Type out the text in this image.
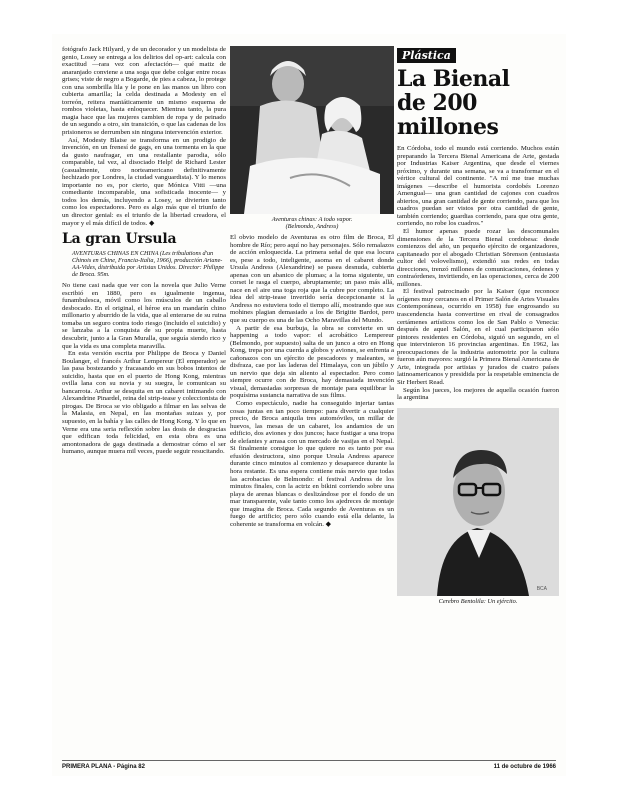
fotógrafo Jack Hilyard, y de un decorador y un modelista de genio, Losey se entrega a los delirios del op-art: calcula con exactitud —rara vez con afectación— qué matiz de anaranjado conviene a una soga que debe colgar entre rocas grises; viste de negro a Bogarde, de pies a cabeza, lo protege con una sombrilla lila y le pone en las manos un libro con cubierta amarilla; la celda destinada a Modesty en el torreón, reitera maniáticamente un mismo esquema de rombos violetas, hasta enloquecer. Mientras tanto, la pura magia hace que las mujeres cambien de ropa y de peinado de un segundo a otro, sin transición, o que las cadenas de los prisioneros se derrumben sin ninguna intervención exterior.

Así, Modesty Blaise se transforma en un prodigio de invención, en un frenesí de gags, en una tormenta en la que da gusto naufragar, en una restallante parodia, sólo comparable, tal vez, al disociado Help! de Richard Lester (casualmente, otro norteamericano definitivamente hechizado por Londres, la ciudad vanguardista). Y lo menos importante no es, por cierto, que Mónica Vitti —una comediante incomparable, una sofisticada inocente— y todos los demás, incluyendo a Losey, se divierten tanto como los espectadores. Pero es algo más que el triunfo de un director genial: es el triunfo de la libertad creadora, el mayor y el más difícil de todos. ◆

La gran Ursula

AVENTURAS CHINAS EN CHINA (Les tribulations d'un Chinois en Chine, Francia-Italia, 1966), producción Ariane-AA-Vides, distribuida por Artistas Unidos. Director: Philippe de Broca. 95m.

No tiene casi nada que ver con la novela que Julio Verne escribió en 1880, pero es igualmente ingenua, funambulesca, móvil como los músculos de un caballo desbocado. En el original, el héroe era un mandarín chino millonario y aburrido de la vida, que al enterarse de su ruina tomaba un seguro contra todo riesgo (incluido el suicidio) y se lanzaba a la conquista de su propia muerte, hasta descubrir, junto a la Gran Muralla, que seguía siendo rico y que la vida es una completa maravilla.

En esta versión escrita por Philippe de Broca y Daniel Boulanger, el francés Arthur Lempereur (El emperador) se las pasa bostezando y fracasando en sus bobos intentos de suicidio, hasta que en el puerto de Hong Kong, mientras ovilla lana con su novia y su suegra, le comunican su bancarrota. Arthur se desquita en un cabaret intimando con Alexandrine Pinardel, reina del strip-tease y coleccionista de pirogas. De Broca se vio obligado a filmar en las selvas de la Malasia, en Nepal, en las montañas suizas y, por supuesto, en la bahía y las calles de Hong Kong. Y lo que en Verne era una seria reflexión sobre las dosis de desgracias que edifican toda felicidad, en esta obra es una amontonadora de gags destinada a demostrar cómo el ser humano, aunque muera mil veces, puede seguir resucitando.

Aventuras chinas: A todo vapor.
(Belmondo, Andress)

El obvio modelo de Aventuras es otro film de Broca, El hombre de Río; pero aquí no hay personajes. Sólo remalazos de acción enloquecida. La primera señal de que esa locura es, pese a todo, inteligente, asoma en el cabaret donde Ursula Andress (Alexandrine) se pasea desnuda, cubierta apenas con un abanico de plumas; a la toma siguiente, un corset le rasga el cuerpo, abruptamente; un paso más allá, nace en el aire una toga roja que la cubre por completo. La idea del strip-tease invertido sería decepcionante si la Andress no estuviera todo el tiempo allí, mostrando que sus mohines plagian demasiado a los de Brigitte Bardot, pero que su cuerpo es una de las Ocho Maravillas del Mundo.

A partir de esa burbuja, la obra se convierte en un happening a todo vapor: el acrobático Lempereur (Belmondo, por supuesto) salta de un junco a otro en Hong Kong, trepa por una cuerda a globos y aviones, se enfrenta a cañonazos con un ejército de pescadores y maleantes, se disfraza, cae por las laderas del Himalaya, con un júbilo y un nervio que deja sin aliento al espectador. Pero como siempre ocurre con de Broca, hay demasiada invención visual, demasiadas sorpresas de montaje para equilibrar la poquísima sustancia narrativa de sus films.

Como espectáculo, nadie ha conseguido injertar tantas cosas juntas en tan poco tiempo: para divertir a cualquier precio, de Broca aniquila tres automóviles, un millar de huevos, las mesas de un cabaret, los andamios de un edificio, dos aviones y dos juncos; hace fustigar a una tropa de elefantes y arrasa con un mercado de vasijas en el Nepal. Si finalmente consigue lo que quiere no es tanto por esa efusión destructora, sino porque Ursula Andress aparece durante cinco minutos al comienzo y desaparece durante la hora restante. Es una espera contiene más nervio que todas las acrobacias de Belmondo: el festival Andress de los minutos finales, con la actriz en bikini corriendo sobre una playa de arenas blancas o deslizándose por el fondo de un mar transparente, vale tanto como los ajedreces de montaje que imagina de Broca. Cada segundo de Aventuras es un fuego de artificio; pero sólo cuando está ella delante, la coherente se transforma en volcán. ◆

Plástica
La Bienal
de 200 millones

En Córdoba, todo el mundo está corriendo. Muchos están preparando la Tercera Bienal Americana de Arte, gestada por Industrias Kaiser Argentina, que desde el viernes próximo, y durante una semana, se va a transformar en el vértice cultural del continente. "A mí me trae muchas imágenes —describe el humorista cordobés Lorenzo Amengual— una gran cantidad de cajones con cuadros abiertos, una gran cantidad de gente corriendo, para que los cuadros puedan ser vistos por otra cantidad de gente, también corriendo; guardias corriendo, para que otra gente, corriendo, no robe los cuadros."

El humor apenas puede rozar las descomunales dimensiones de la Tercera Bienal cordobesa: desde comienzos del año, un pequeño ejército de organizadores, capitaneado por el abogado Christian Sörenson (entusiasta cultor del volovelismo), extendió sus redes en todas direcciones, trenzó millones de comunicaciones, órdenes y contraórdenes, invirtiendo, en las operaciones, cerca de 200 millones.

El festival patrocinado por la Kaiser (que reconoce orígenes muy cercanos en el Primer Salón de Artes Visuales Contemporáneas, ocurrido en 1958) fue engrosando su trascendencia hasta convertirse en rival de consagrados certámenes artísticos como los de San Pablo o Venecia: después de aquel Salón, en el cual participaron sólo pintores residentes en Córdoba, siguió un segundo, en el que intervinieron 16 provincias argentinas. En 1962, las preocupaciones de la industria automotriz por la cultura fueron aún mayores: surgió la Primera Bienal Americana de Arte, integrada por artistas y jurados de cuatro países latinoamericanos y presidida por la respetable eminencia de Sir Herbert Read.

Según los jueces, los mejores de aquella ocasión fueron la argentina

BCA
Cerebro Bentolila: Un ejército.
PRIMERA PLANA - Página 82	11 de octubre de 1966
